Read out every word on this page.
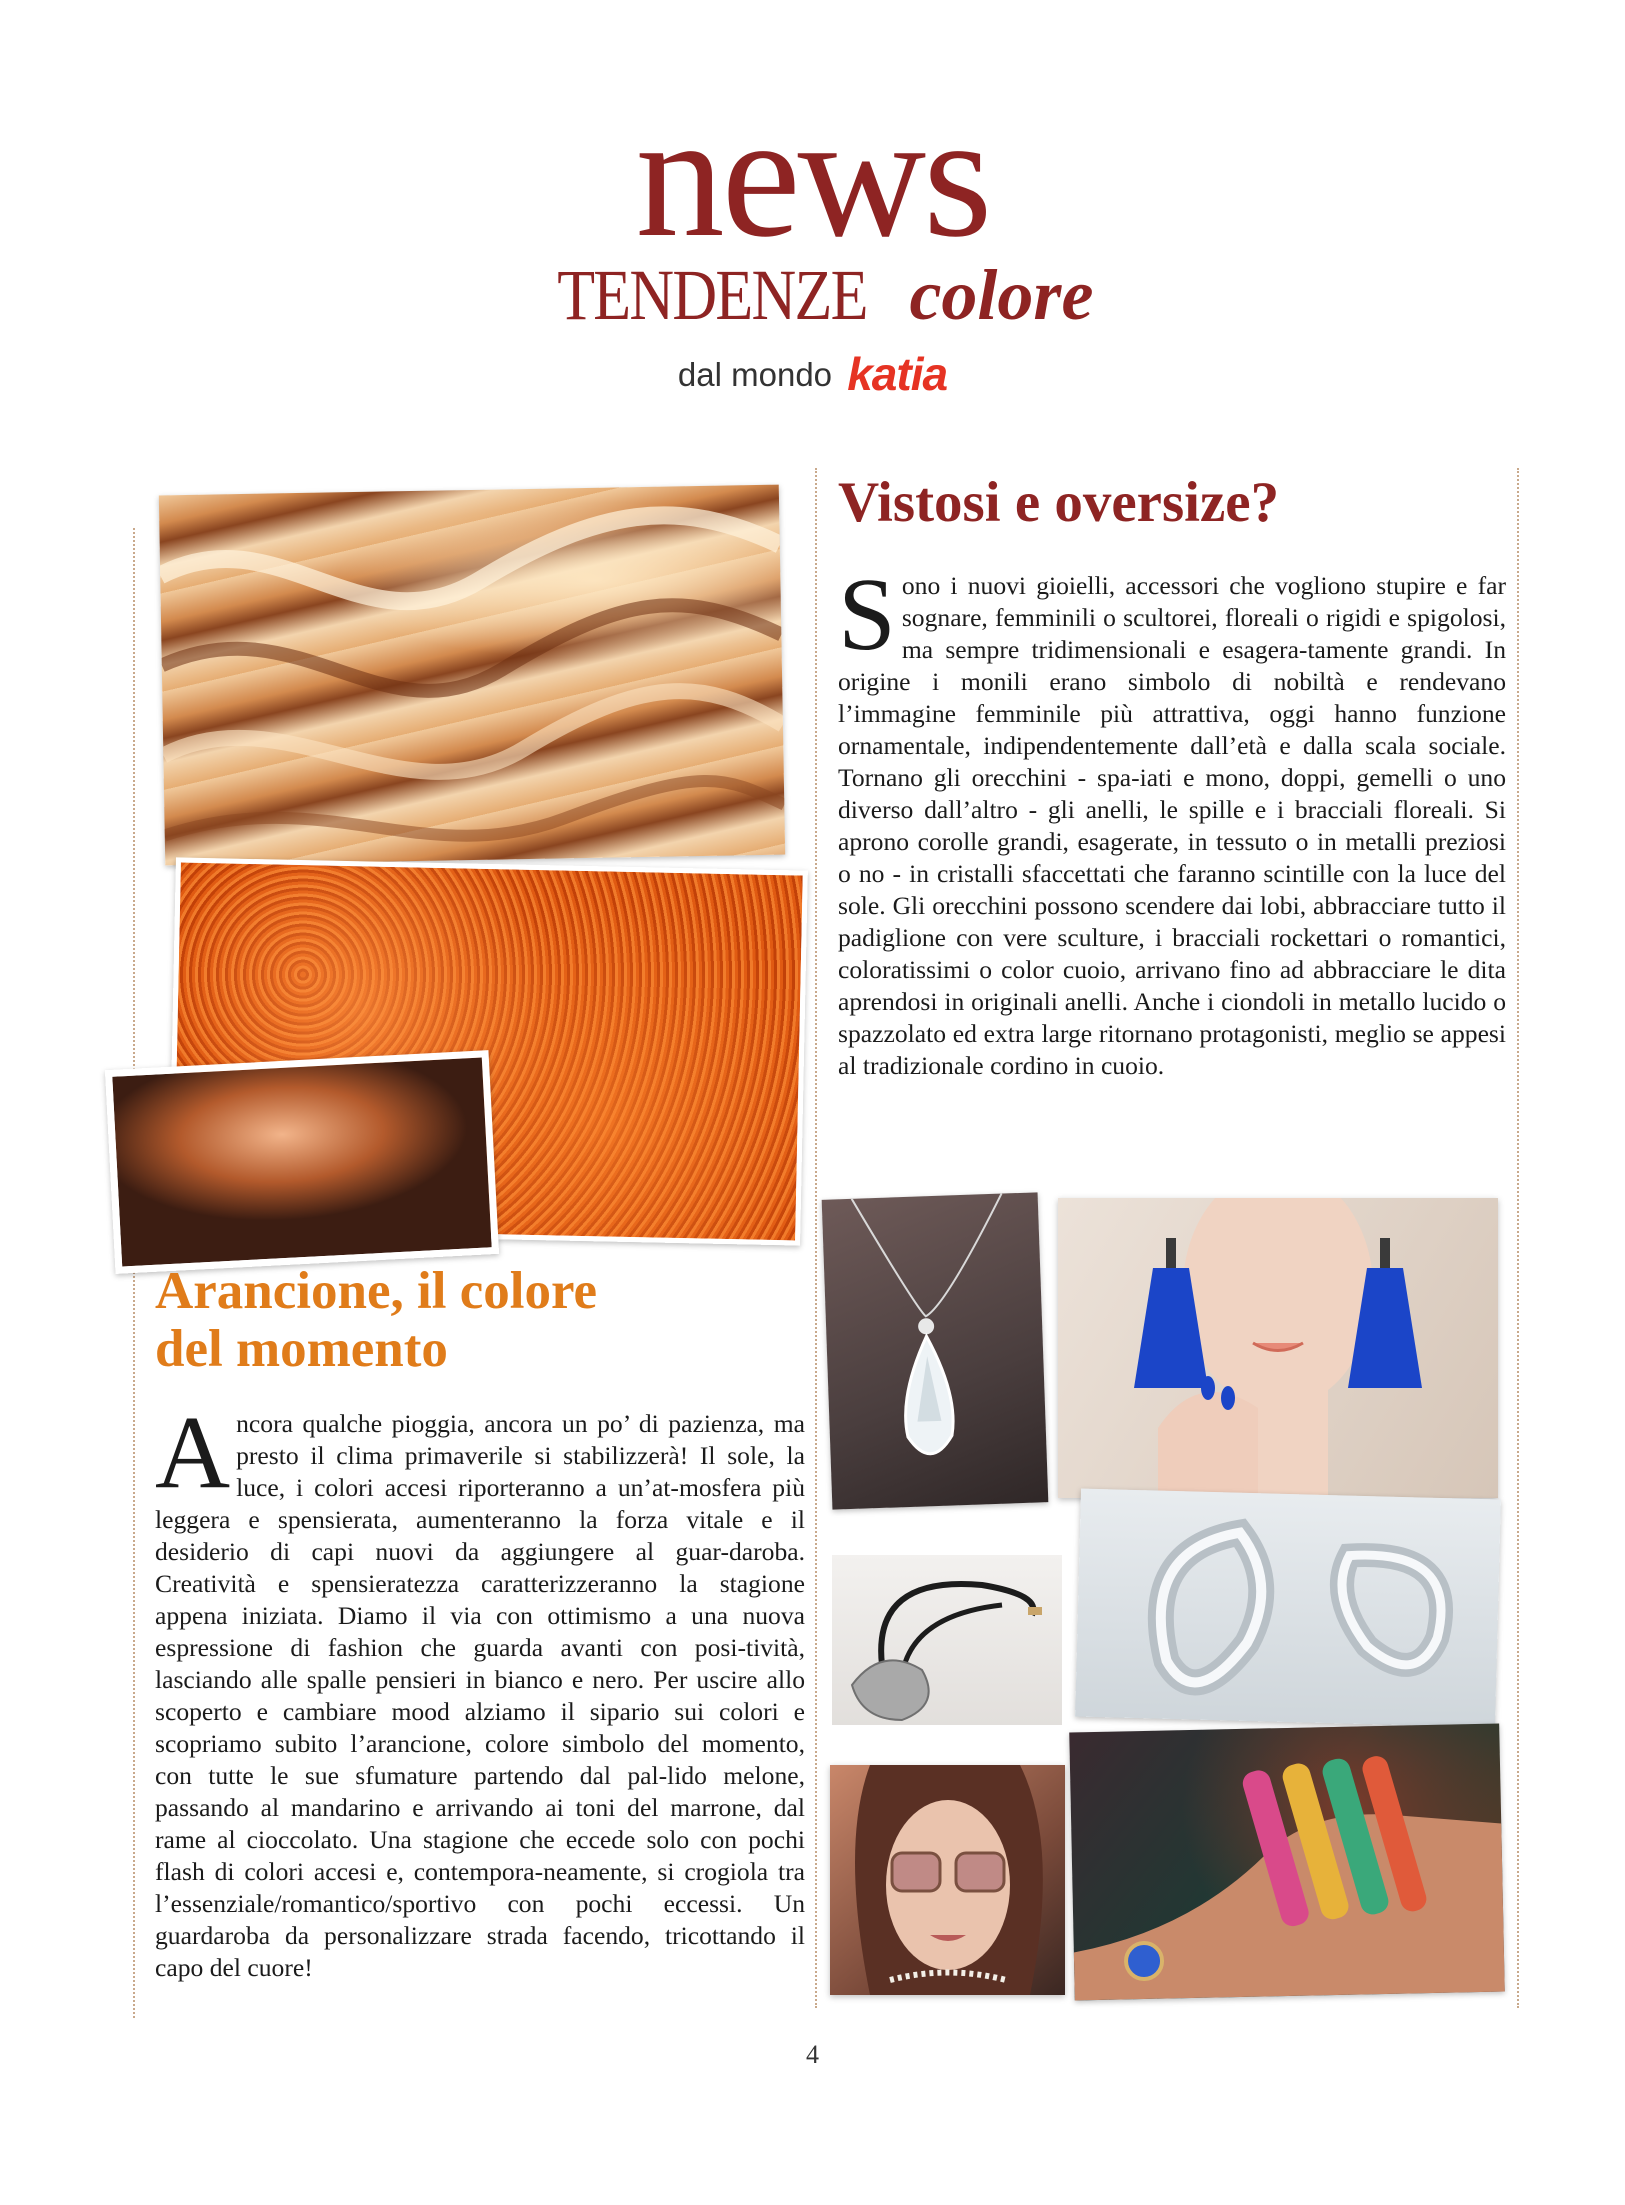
news
TENDENZE colore
dal mondo katia
Vistosi e oversize?
S ono i nuovi gioielli, accessori che vogliono stupire e far sognare, femminili o scultorei, floreali o rigidi e spigolosi, ma sempre tridimensionali e esagera-tamente grandi. In origine i monili erano simbolo di nobiltà e rendevano l’immagine femminile più attrattiva, oggi hanno funzione ornamentale, indipendentemente dall’età e dalla scala sociale. Tornano gli orecchini - spa-iati e mono, doppi, gemelli o uno diverso dall’altro - gli anelli, le spille e i bracciali floreali. Si aprono corolle grandi, esagerate, in tessuto o in metalli preziosi o no - in cristalli sfaccettati che faranno scintille con la luce del sole. Gli orecchini possono scendere dai lobi, abbracciare tutto il padiglione con vere sculture, i bracciali rockettari o romantici, coloratissimi o color cuoio, arrivano fino ad abbracciare le dita aprendosi in originali anelli. Anche i ciondoli in metallo lucido o spazzolato ed extra large ritornano protagonisti, meglio se appesi al tradizionale cordino in cuoio.

Arancione, il colore
del momento
A ncora qualche pioggia, ancora un po’ di pazienza, ma presto il clima primaverile si stabilizzerà! Il sole, la luce, i colori accesi riporteranno a un’at-mosfera più leggera e spensierata, aumenteranno la forza vitale e il desiderio di capi nuovi da aggiungere al guar-daroba. Creatività e spensieratezza caratterizzeranno la stagione appena iniziata. Diamo il via con ottimismo a una nuova espressione di fashion che guarda avanti con posi-tività, lasciando alle spalle pensieri in bianco e nero. Per uscire allo scoperto e cambiare mood alziamo il sipario sui colori e scopriamo subito l’arancione, colore simbolo del momento, con tutte le sue sfumature partendo dal pal-lido melone, passando al mandarino e arrivando ai toni del marrone, dal rame al cioccolato. Una stagione che eccede solo con pochi flash di colori accesi e, contempora-neamente, si crogiola tra l’essenziale/romantico/sportivo con pochi eccessi. Un guardaroba da personalizzare strada facendo, tricottando il capo del cuore!

4
